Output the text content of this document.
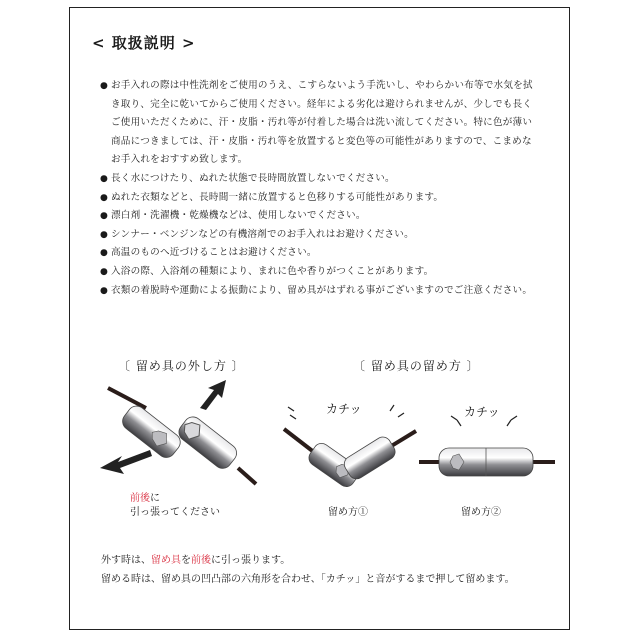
< 取扱説明 >
● お手入れの際は中性洗剤をご使用のうえ、こすらないよう手洗いし、やわらかい布等で水気を拭き取り、完全に乾いてからご使用ください。経年による劣化は避けられませんが、少しでも長くご使用いただくために、汗・皮脂・汚れ等が付着した場合は洗い流してください。特に色が薄い商品につきましては、汗・皮脂・汚れ等を放置すると変色等の可能性がありますので、こまめなお手入れをおすすめ致します。
● 長く水につけたり、ぬれた状態で長時間放置しないでください。
● ぬれた衣類などと、長時間一緒に放置すると色移りする可能性があります。
● 漂白剤・洗濯機・乾燥機などは、使用しないでください。
● シンナー・ベンジンなどの有機溶剤でのお手入れはお避けください。
● 高温のものへ近づけることはお避けください。
● 入浴の際、入浴剤の種類により、まれに色や香りがつくことがあります。
● 衣類の着脱時や運動による振動により、留め具がはずれる事がございますのでご注意ください。
〔 留め具の外し方 〕	〔 留め具の留め方 〕
前後に
引っ張ってください
カチッ
留め方①
カチッ
留め方②
外す時は、留め具を前後に引っ張ります。
留める時は、留め具の凹凸部の六角形を合わせ、「カチッ」と音がするまで押して留めます。
